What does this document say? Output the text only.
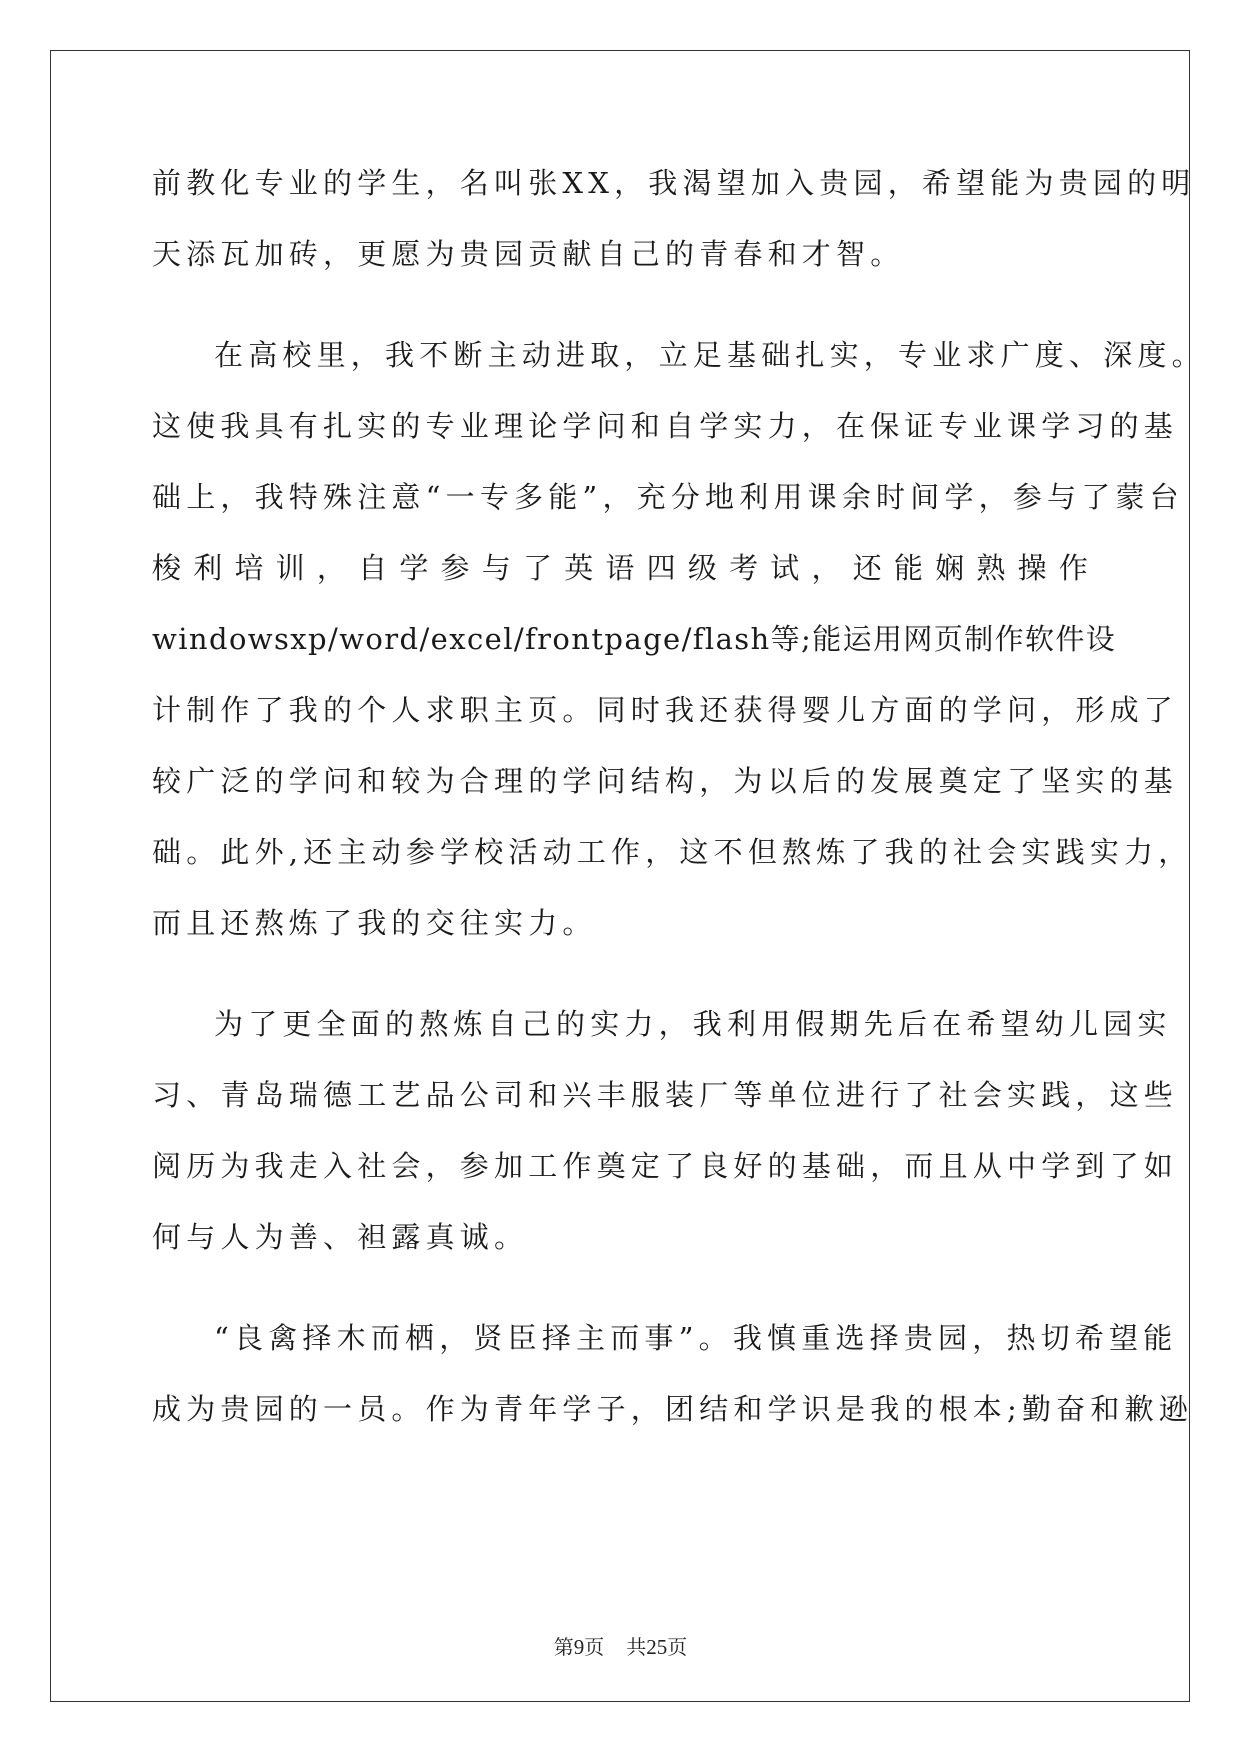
前教化专业的学生，名叫张XX，我渴望加入贵园，希望能为贵园的明
天添瓦加砖，更愿为贵园贡献自己的青春和才智。
在高校里，我不断主动进取，立足基础扎实，专业求广度、深度。
这使我具有扎实的专业理论学问和自学实力，在保证专业课学习的基
础上，我特殊注意“一专多能”，充分地利用课余时间学，参与了蒙台
梭 利 培 训 ， 自 学 参 与 了 英 语 四 级 考 试 ， 还 能 娴 熟 操 作
windowsxp/word/excel/frontpage/flash等;能运用网页制作软件设
计制作了我的个人求职主页。同时我还获得婴儿方面的学问，形成了
较广泛的学问和较为合理的学问结构，为以后的发展奠定了坚实的基
础。此外,还主动参学校活动工作，这不但熬炼了我的社会实践实力，
而且还熬炼了我的交往实力。
为了更全面的熬炼自己的实力，我利用假期先后在希望幼儿园实
习、青岛瑞德工艺品公司和兴丰服装厂等单位进行了社会实践，这些
阅历为我走入社会，参加工作奠定了良好的基础，而且从中学到了如
何与人为善、袒露真诚。
“良禽择木而栖，贤臣择主而事”。我慎重选择贵园，热切希望能
成为贵园的一员。作为青年学子，团结和学识是我的根本;勤奋和歉逊
第9页 共25页
